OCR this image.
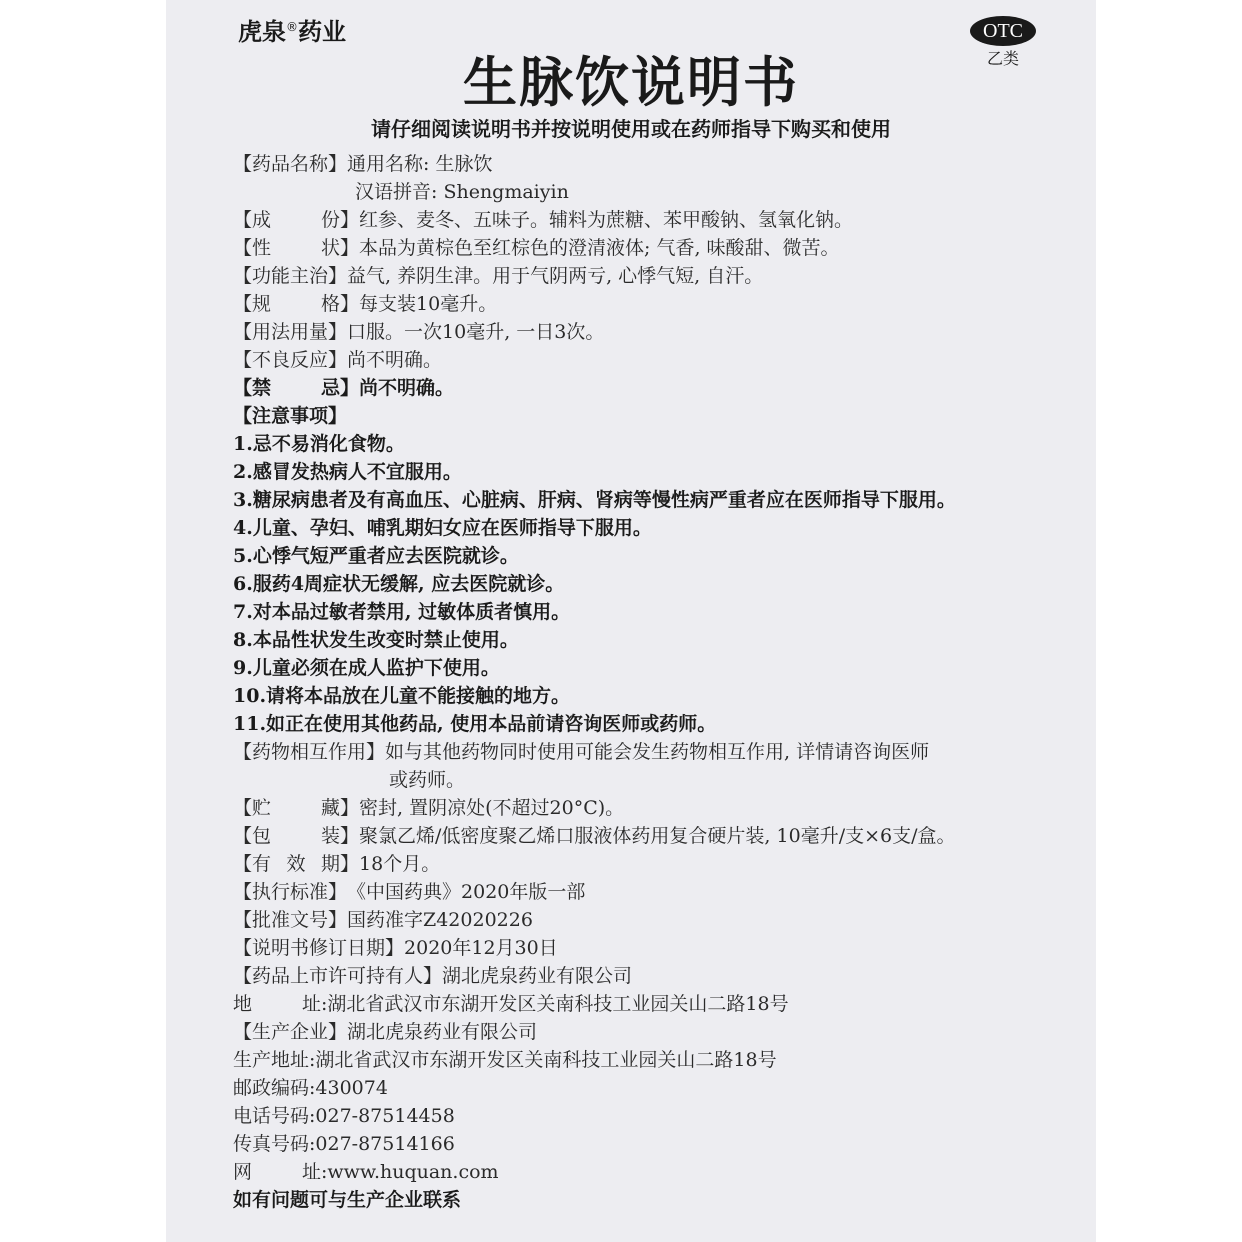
虎泉®药业	OTC
乙类
生脉饮说明书
请仔细阅读说明书并按说明使用或在药师指导下购买和使用
【药品名称】 通用名称: 生脉饮
汉语拼音: Shengmaiyin
【成份】 红参、麦冬、五味子。辅料为蔗糖、苯甲酸钠、氢氧化钠。
【性状】 本品为黄棕色至红棕色的澄清液体; 气香, 味酸甜、微苦。
【功能主治】 益气, 养阴生津。用于气阴两亏, 心悸气短, 自汗。
【规格】 每支装10毫升。
【用法用量】 口服。一次10毫升, 一日3次。
【不良反应】 尚不明确。
【禁忌】 尚不明确。
【注意事项】
1.忌不易消化食物。
2.感冒发热病人不宜服用。
3.糖尿病患者及有高血压、心脏病、肝病、肾病等慢性病严重者应在医师指导下服用。
4.儿童、孕妇、哺乳期妇女应在医师指导下服用。
5.心悸气短严重者应去医院就诊。
6.服药4周症状无缓解, 应去医院就诊。
7.对本品过敏者禁用, 过敏体质者慎用。
8.本品性状发生改变时禁止使用。
9.儿童必须在成人监护下使用。
10.请将本品放在儿童不能接触的地方。
11.如正在使用其他药品, 使用本品前请咨询医师或药师。
【药物相互作用】 如与其他药物同时使用可能会发生药物相互作用, 详情请咨询医师
或药师。
【贮藏】 密封, 置阴凉处(不超过20°C)。
【包装】 聚氯乙烯/低密度聚乙烯口服液体药用复合硬片装, 10毫升/支×6支/盒。
【有效期】 18个月。
【执行标准】 《中国药典》2020年版一部
【批准文号】 国药准字Z42020226
【说明书修订日期】 2020年12月30日
【药品上市许可持有人】 湖北虎泉药业有限公司
地址: 湖北省武汉市东湖开发区关南科技工业园关山二路18号
【生产企业】 湖北虎泉药业有限公司
生产地址: 湖北省武汉市东湖开发区关南科技工业园关山二路18号
邮政编码: 430074
电话号码: 027-87514458
传真号码: 027-87514166
网址: www.huquan.com
如有问题可与生产企业联系
